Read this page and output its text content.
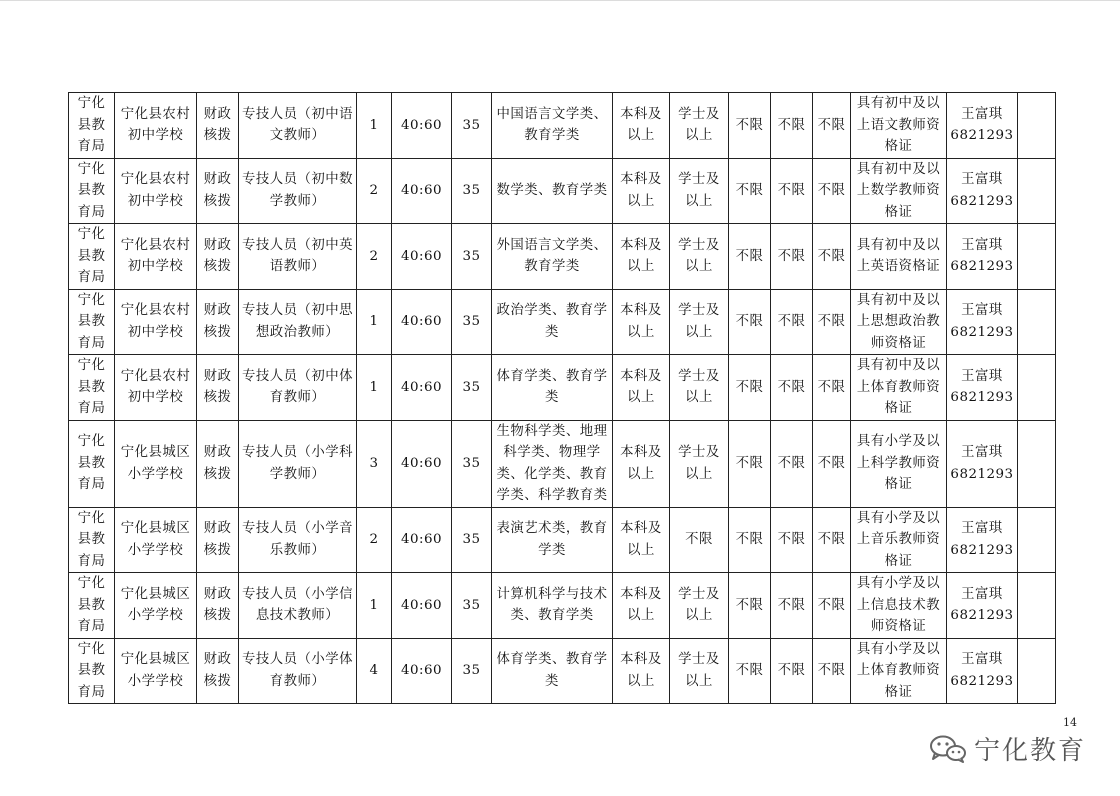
宁化县教育局	宁化县农村初中学校	财政核拨	专技人员（初中语文教师）	1	40:60	35	中国语言文学类、教育学类	本科及以上	学士及以上	不限	不限	不限	具有初中及以上语文教师资格证	王富琪6821293	
宁化县教育局	宁化县农村初中学校	财政核拨	专技人员（初中数学教师）	2	40:60	35	数学类、教育学类	本科及以上	学士及以上	不限	不限	不限	具有初中及以上数学教师资格证	王富琪6821293	
宁化县教育局	宁化县农村初中学校	财政核拨	专技人员（初中英语教师）	2	40:60	35	外国语言文学类、教育学类	本科及以上	学士及以上	不限	不限	不限	具有初中及以上英语资格证	王富琪6821293	
宁化县教育局	宁化县农村初中学校	财政核拨	专技人员（初中思想政治教师）	1	40:60	35	政治学类、教育学类	本科及以上	学士及以上	不限	不限	不限	具有初中及以上思想政治教师资格证	王富琪6821293	
宁化县教育局	宁化县农村初中学校	财政核拨	专技人员（初中体育教师）	1	40:60	35	体育学类、教育学类	本科及以上	学士及以上	不限	不限	不限	具有初中及以上体育教师资格证	王富琪6821293	
宁化县教育局	宁化县城区小学学校	财政核拨	专技人员（小学科学教师）	3	40:60	35	生物科学类、地理科学类、物理学类、化学类、教育学类、科学教育类	本科及以上	学士及以上	不限	不限	不限	具有小学及以上科学教师资格证	王富琪6821293	
宁化县教育局	宁化县城区小学学校	财政核拨	专技人员（小学音乐教师）	2	40:60	35	表演艺术类，教育学类	本科及以上	不限	不限	不限	不限	具有小学及以上音乐教师资格证	王富琪6821293	
宁化县教育局	宁化县城区小学学校	财政核拨	专技人员（小学信息技术教师）	1	40:60	35	计算机科学与技术类、教育学类	本科及以上	学士及以上	不限	不限	不限	具有小学及以上信息技术教师资格证	王富琪6821293	
宁化县教育局	宁化县城区小学学校	财政核拨	专技人员（小学体育教师）	4	40:60	35	体育学类、教育学类	本科及以上	学士及以上	不限	不限	不限	具有小学及以上体育教师资格证	王富琪6821293	
14
宁化教育
